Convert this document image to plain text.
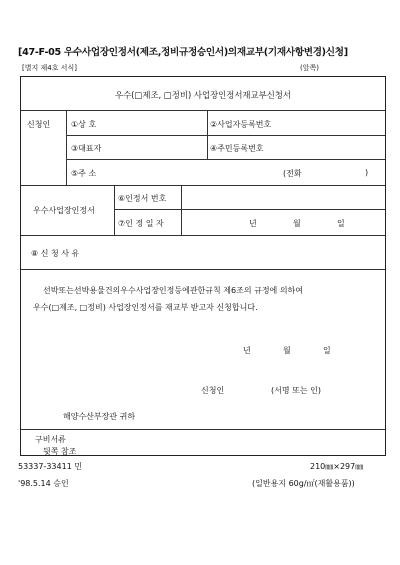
[47-F-05 우수사업장인정서(제조,정비규정승인서)의재교부(기재사항변경)신청]
[별지 제4호 서식]	(앞쪽)
우수(□제조, □정비) 사업장인정서재교부신청서
신청인	①상 호	②사업자등록번호
③대표자	④주민등록번호
⑤주 소	(전화	)
우수사업장인정서
⑥인정서 번호
⑦인 정 일 자	년	월	일
⑧ 신 청 사 유
선박또는선박용물건의우수사업장인정등에관한규칙 제6조의 규정에 의하여
우수(□제조, □정비) 사업장인정서를 재교부 받고자 신청합니다.
년	월	일
신청인	(서명 또는 인)
해양수산부장관 귀하
구비서류
뒷쪽 참조
53337-33411 민	210㎜×297㎜
'98.5.14 승인	(일반용지 60g/㎡(재활용품))
